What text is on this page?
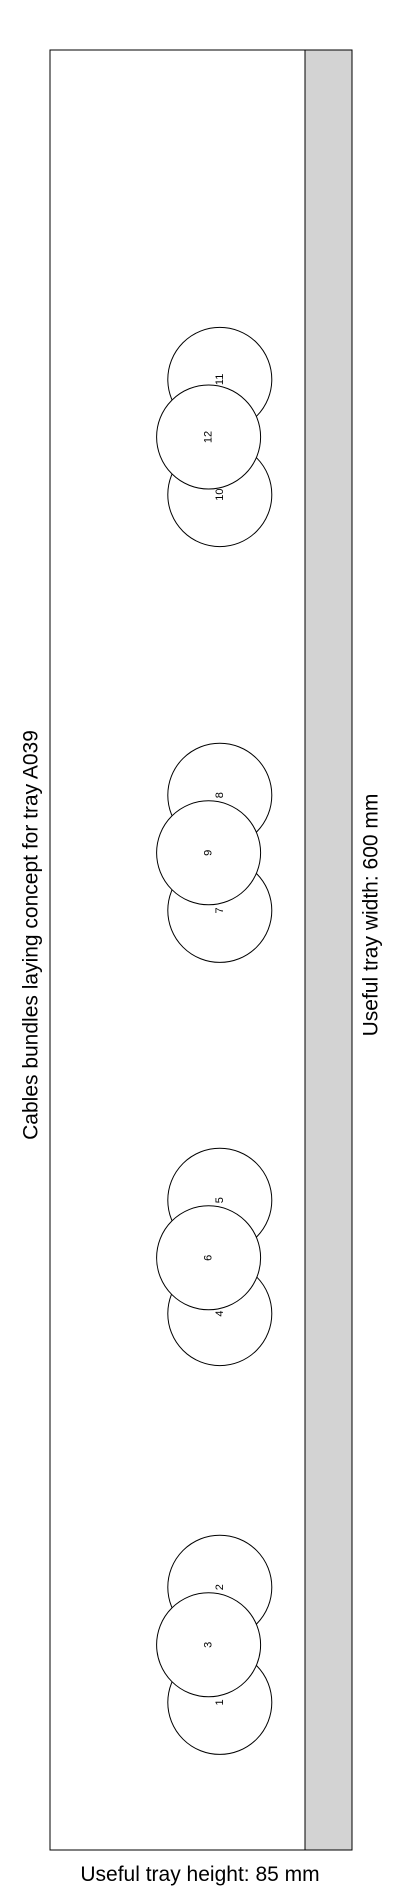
1
2
3
4
5
6
7
8
9
10
11
12
Cables bundles laying concept for tray A039	Useful tray width: 600 mm
Useful tray height: 85 mm
